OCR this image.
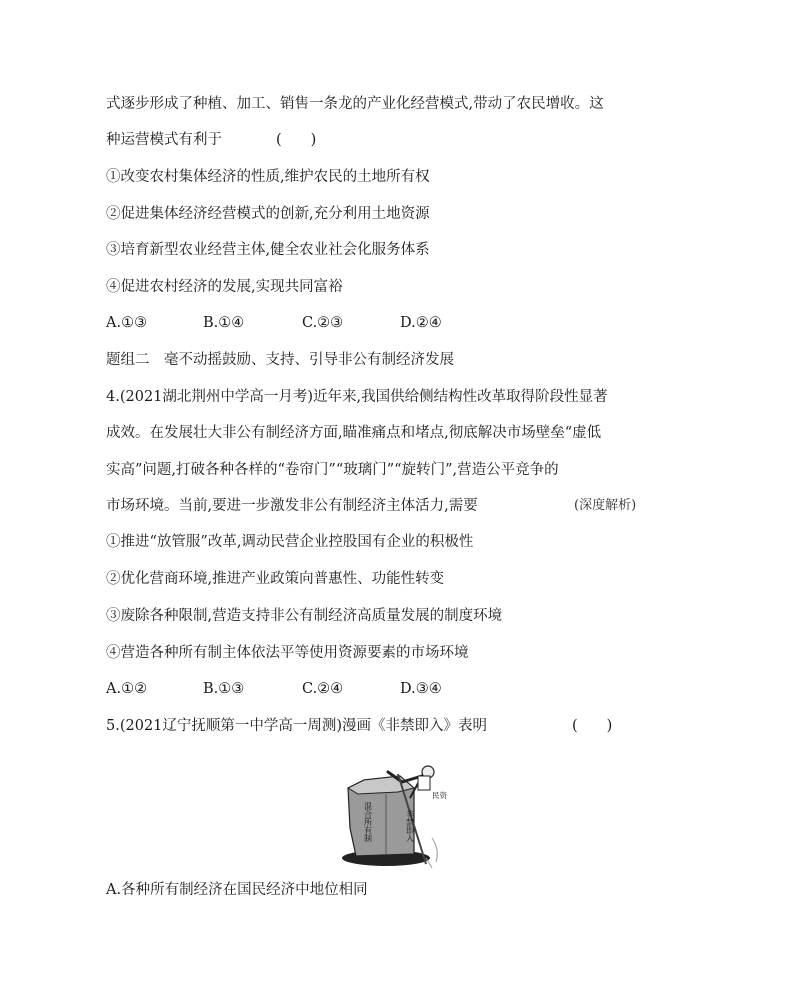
式逐步形成了种植、加工、销售一条龙的产业化经营模式,带动了农民增收。这
种运营模式有利于	(　　)
①改变农村集体经济的性质,维护农民的土地所有权
②促进集体经济经营模式的创新,充分利用土地资源
③培育新型农业经营主体,健全农业社会化服务体系
④促进农村经济的发展,实现共同富裕
A.①③	B.①④	C.②③	D.②④
题组二　毫不动摇鼓励、支持、引导非公有制经济发展
4.(2021湖北荆州中学高一月考)近年来,我国供给侧结构性改革取得阶段性显著
成效。在发展壮大非公有制经济方面,瞄准痛点和堵点,彻底解决市场壁垒“虚低
实高”问题,打破各种各样的“卷帘门”“玻璃门”“旋转门”,营造公平竞争的
市场环境。当前,要进一步激发非公有制经济主体活力,需要	(深度解析)
①推进“放管服”改革,调动民营企业控股国有企业的积极性
②优化营商环境,推进产业政策向普惠性、功能性转变
③废除各种限制,营造支持非公有制经济高质量发展的制度环境
④营造各种所有制主体依法平等使用资源要素的市场环境
A.①②	B.①③	C.②④	D.③④
5.(2021辽宁抚顺第一中学高一周测)漫画《非禁即入》表明	(　　)
混合所有制	非禁即入
民资
A.各种所有制经济在国民经济中地位相同
